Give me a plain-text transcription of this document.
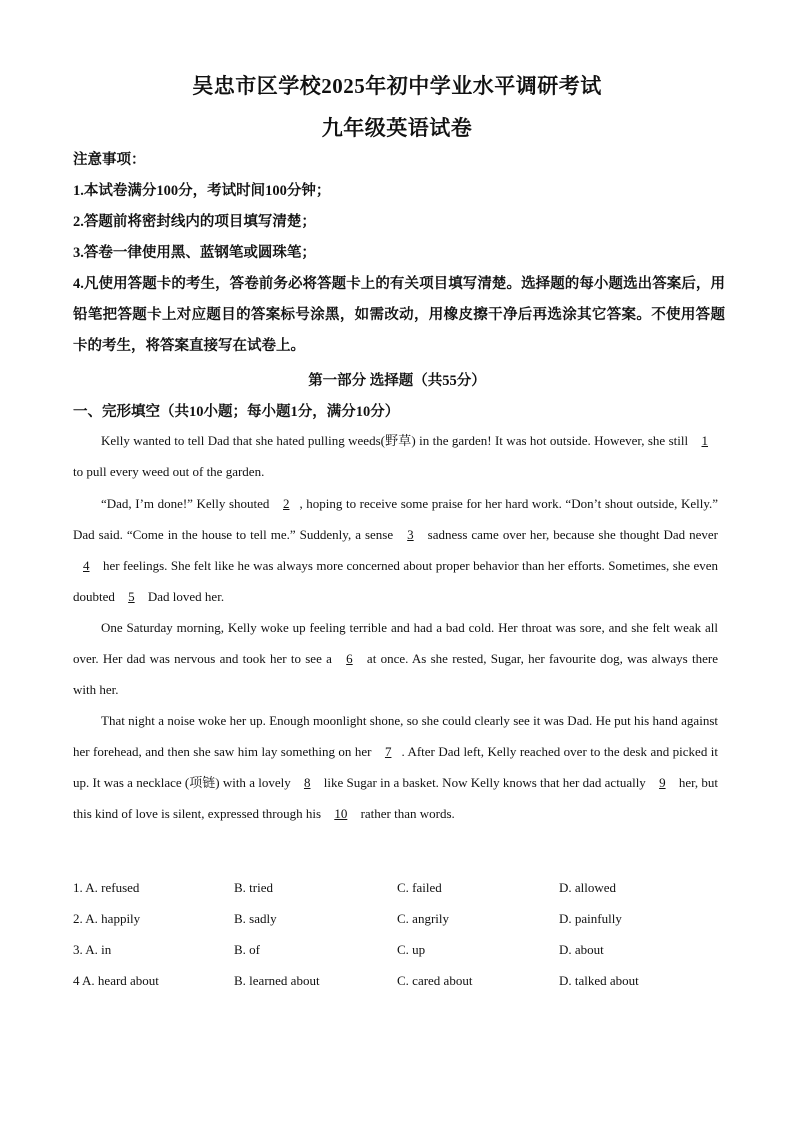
吴忠市区学校2025年初中学业水平调研考试
九年级英语试卷
注意事项：
1.本试卷满分100分，考试时间100分钟；
2.答题前将密封线内的项目填写清楚；
3.答卷一律使用黑、蓝钢笔或圆珠笔；
4.凡使用答题卡的考生，答卷前务必将答题卡上的有关项目填写清楚。选择题的每小题选出答案后，用铅笔把答题卡上对应题目的答案标号涂黑，如需改动，用橡皮擦干净后再选涂其它答案。不使用答题卡的考生，将答案直接写在试卷上。
第一部分 选择题（共55分）
一、完形填空（共10小题；每小题1分，满分10分）
Kelly wanted to tell Dad that she hated pulling weeds(野草) in the garden! It was hot outside. However, she still 1 to pull every weed out of the garden.
“Dad, I’m done!” Kelly shouted 2 , hoping to receive some praise for her hard work. “Don’t shout outside, Kelly.” Dad said. “Come in the house to tell me.” Suddenly, a sense 3 sadness came over her, because she thought Dad never 4 her feelings. She felt like he was always more concerned about proper behavior than her efforts. Sometimes, she even doubted 5 Dad loved her.
One Saturday morning, Kelly woke up feeling terrible and had a bad cold. Her throat was sore, and she felt weak all over. Her dad was nervous and took her to see a 6 at once. As she rested, Sugar, her favourite dog, was always there with her.
That night a noise woke her up. Enough moonlight shone, so she could clearly see it was Dad. He put his hand against her forehead, and then she saw him lay something on her 7 . After Dad left, Kelly reached over to the desk and picked it up. It was a necklace (项链) with a lovely 8 like Sugar in a basket. Now Kelly knows that her dad actually 9 her, but this kind of love is silent, expressed through his 10 rather than words.
1. A. refused	B. tried	C. failed	D. allowed
2. A. happily	B. sadly	C. angrily	D. painfully
3. A. in	B. of	C. up	D. about
4 A. heard about	B. learned about	C. cared about	D. talked about
